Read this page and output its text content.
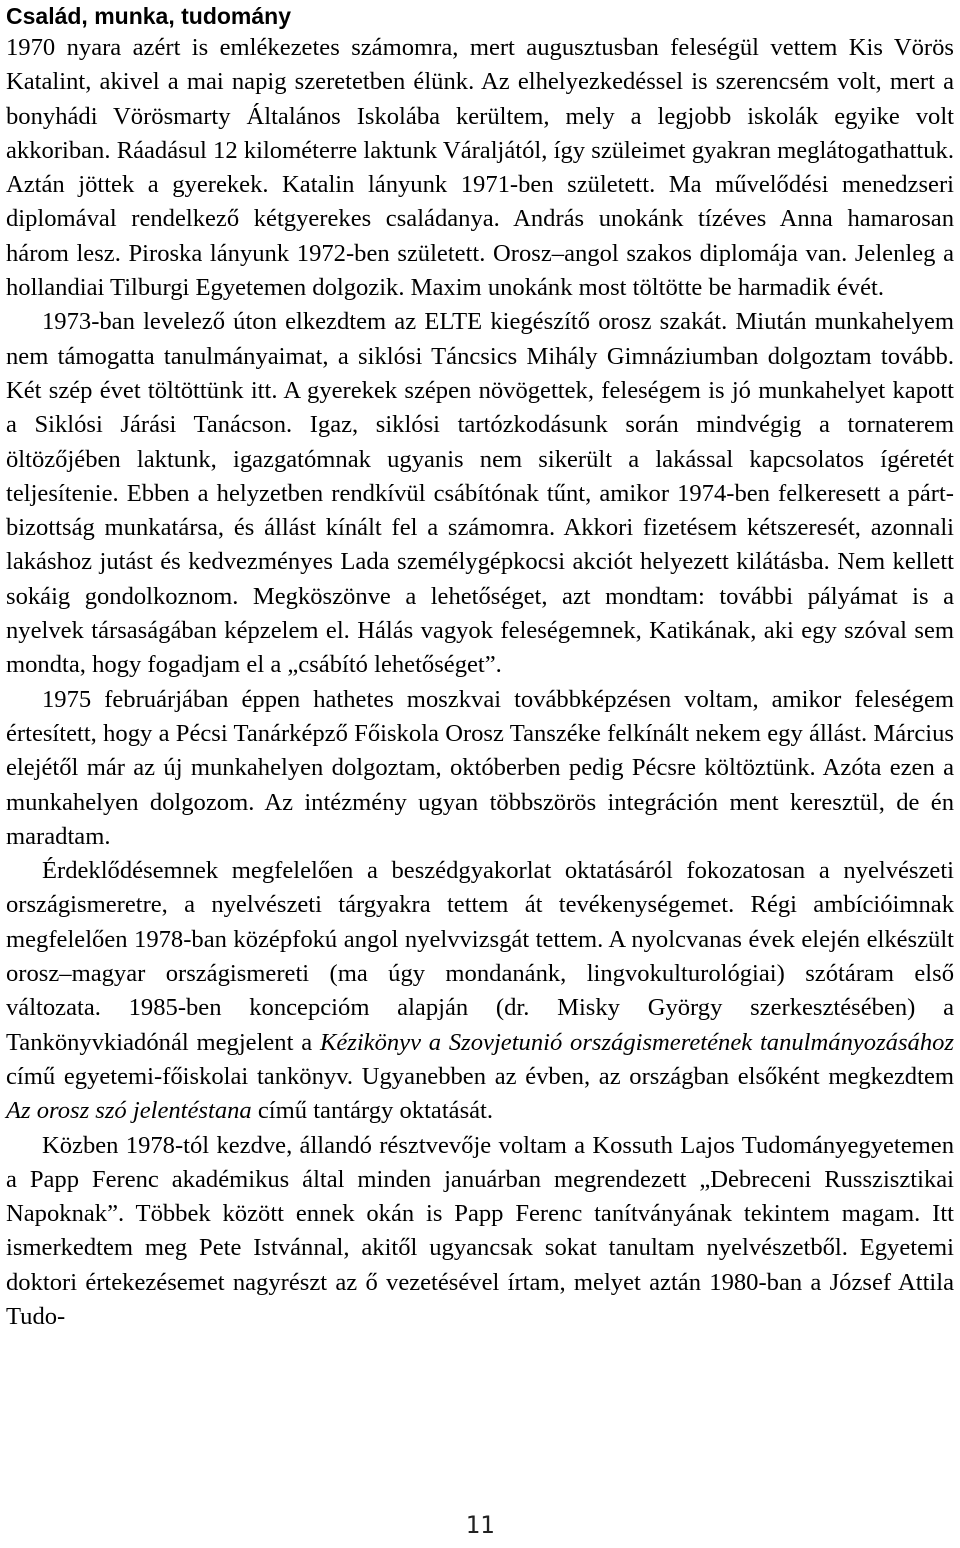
Család, munka, tudomány

1970 nyara azért is emlékezetes számomra, mert augusztusban feleségül vettem Kis Vörös Katalint, akivel a mai napig szeretetben élünk. Az elhelyezkedéssel is szerencsém volt, mert a bonyhádi Vörösmarty Általános Iskolába kerültem, mely a legjobb iskolák egyike volt akkoriban. Ráadásul 12 kilométerre laktunk Váraljától, így szüleimet gyakran meglátogathattuk. Aztán jöttek a gyerekek. Katalin lányunk 1971-ben született. Ma művelődési menedzseri diplomával rendelkező kétgyerekes családanya. András unokánk tízéves Anna hamarosan három lesz. Piroska lányunk 1972-ben született. Orosz–angol szakos diplomája van. Jelenleg a hollandiai Tilburgi Egyetemen dolgozik. Maxim unokánk most töltötte be harmadik évét.

1973-ban levelező úton elkezdtem az ELTE kiegészítő orosz szakát. Miután munkahelyem nem támogatta tanulmányaimat, a siklósi Táncsics Mihály Gimnáziumban dolgoztam tovább. Két szép évet töltöttünk itt. A gyerekek szépen növögettek, feleségem is jó munkahelyet kapott a Siklósi Járási Tanácson. Igaz, siklósi tartózkodásunk során mindvégig a tornaterem öltözőjében laktunk, igazgatómnak ugyanis nem sikerült a lakással kapcsolatos ígéretét teljesítenie. Ebben a helyzetben rendkívül csábítónak tűnt, amikor 1974-ben felkeresett a pártbizottság munkatársa, és állást kínált fel a számomra. Akkori fizetésem kétszeresét, azonnali lakáshoz jutást és kedvezményes Lada személygépkocsi akciót helyezett kilátásba. Nem kellett sokáig gondolkoznom. Megköszönve a lehetőséget, azt mondtam: további pályámat is a nyelvek társaságában képzelem el. Hálás vagyok feleségemnek, Katikának, aki egy szóval sem mondta, hogy fogadjam el a „csábító lehetőséget”.

1975 februárjában éppen hathetes moszkvai továbbképzésen voltam, amikor feleségem értesített, hogy a Pécsi Tanárképző Főiskola Orosz Tanszéke felkínált nekem egy állást. Március elejétől már az új munkahelyen dolgoztam, októberben pedig Pécsre költöztünk. Azóta ezen a munkahelyen dolgozom. Az intézmény ugyan többszörös integráción ment keresztül, de én maradtam.

Érdeklődésemnek megfelelően a beszédgyakorlat oktatásáról fokozatosan a nyelvészeti országismeretre, a nyelvészeti tárgyakra tettem át tevékenységemet. Régi ambícióimnak megfelelően 1978-ban középfokú angol nyelvvizsgát tettem. A nyolcvanas évek elején elkészült orosz–magyar országismereti (ma úgy mondanánk, lingvokulturológiai) szótáram első változata. 1985-ben koncepcióm alapján (dr. Misky György szerkesztésében) a Tankönyvkiadónál megjelent a Kézikönyv a Szovjetunió országismeretének tanulmányozásához című egyetemi-főiskolai tankönyv. Ugyanebben az évben, az országban elsőként megkezdtem Az orosz szó jelentéstana című tantárgy oktatását.

Közben 1978-tól kezdve, állandó résztvevője voltam a Kossuth Lajos Tudományegyetemen a Papp Ferenc akadémikus által minden januárban megrendezett „Debreceni Russzisztikai Napoknak”. Többek között ennek okán is Papp Ferenc tanítványának tekintem magam. Itt ismerkedtem meg Pete Istvánnal, akitől ugyancsak sokat tanultam nyelvészetből. Egyetemi doktori értekezésemet nagyrészt az ő vezetésével írtam, melyet aztán 1980-ban a József Attila Tudo-

11
